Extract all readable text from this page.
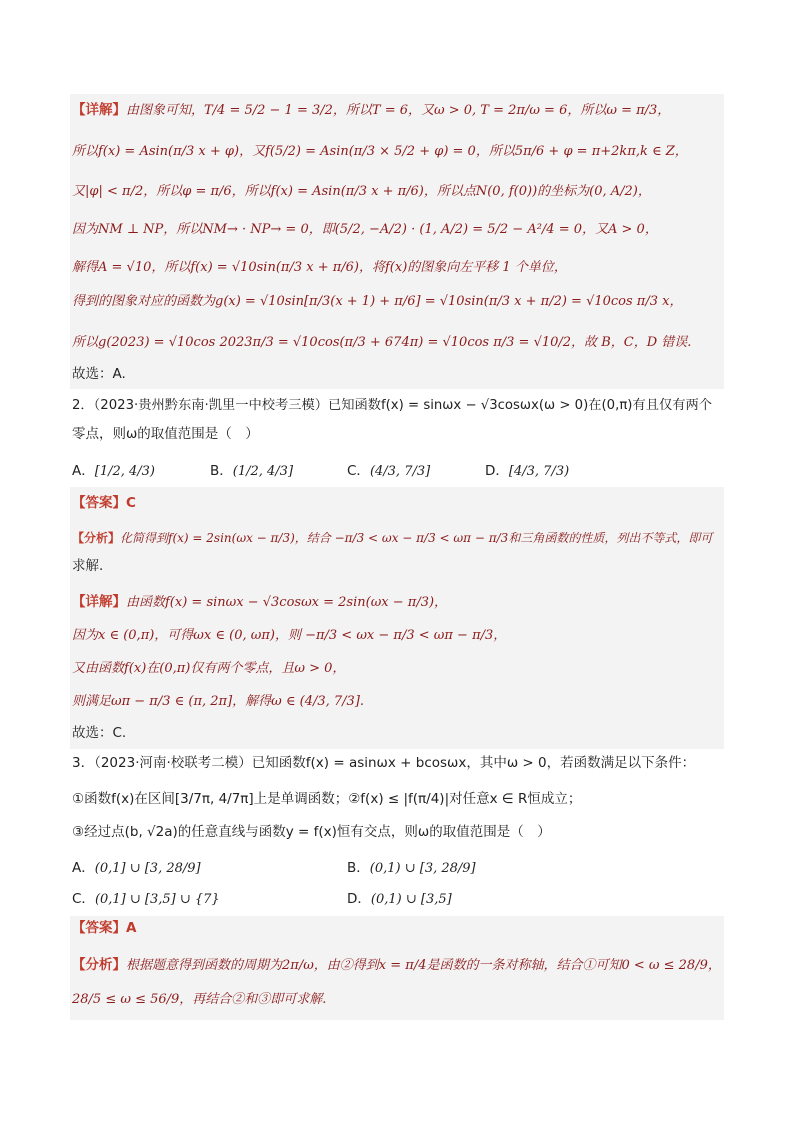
【详解】由图象可知，T/4 = 5/2 − 1 = 3/2，所以T = 6，又ω > 0, T = 2π/ω = 6，所以ω = π/3，
所以f(x) = Asin(π/3 x + φ)，又f(5/2) = Asin(π/3 × 5/2 + φ) = 0，所以5π/6 + φ = π+2kπ,k ∈ Z，
又|φ| < π/2，所以φ = π/6，所以f(x) = Asin(π/3 x + π/6)，所以点N(0, f(0))的坐标为(0, A/2)，
因为NM ⊥ NP，所以NM→ · NP→ = 0，即(5/2, −A/2) · (1, A/2) = 5/2 − A²/4 = 0，又A > 0，
解得A = √10，所以f(x) = √10sin(π/3 x + π/6)，将f(x)的图象向左平移 1 个单位，
得到的图象对应的函数为g(x) = √10sin[π/3(x + 1) + π/6] = √10sin(π/3 x + π/2) = √10cos π/3 x，
所以g(2023) = √10cos 2023π/3 = √10cos(π/3 + 674π) = √10cos π/3 = √10/2，故 B，C，D 错误.
故选：A.
2．（2023·贵州黔东南·凯里一中校考三模）已知函数f(x) = sinωx − √3cosωx(ω > 0)在(0,π)有且仅有两个
零点，则ω的取值范围是（　）
A．[1/2, 4/3)	B．(1/2, 4/3]	C．(4/3, 7/3]	D．[4/3, 7/3)
【答案】C
【分析】化简得到f(x) = 2sin(ωx − π/3)，结合 −π/3 < ωx − π/3 < ωπ − π/3和三角函数的性质，列出不等式，即可
求解.
【详解】由函数f(x) = sinωx − √3cosωx = 2sin(ωx − π/3)，
因为x ∈ (0,π)，可得ωx ∈ (0, ωπ)，则 −π/3 < ωx − π/3 < ωπ − π/3，
又由函数f(x)在(0,π)仅有两个零点，且ω > 0，
则满足ωπ − π/3 ∈ (π, 2π]，解得ω ∈ (4/3, 7/3].
故选：C.
3．（2023·河南·校联考二模）已知函数f(x) = asinωx + bcosωx，其中ω > 0，若函数满足以下条件：
①函数f(x)在区间[3/7π, 4/7π]上是单调函数；②f(x) ≤ |f(π/4)|对任意x ∈ R恒成立；
③经过点(b, √2a)的任意直线与函数y = f(x)恒有交点，则ω的取值范围是（　）
A．(0,1] ∪ [3, 28/9]	B．(0,1) ∪ [3, 28/9]
C．(0,1] ∪ [3,5] ∪ {7}	D．(0,1) ∪ [3,5]
【答案】A
【分析】根据题意得到函数的周期为2π/ω，由②得到x = π/4是函数的一条对称轴，结合①可知0 < ω ≤ 28/9，
28/5 ≤ ω ≤ 56/9，再结合②和③即可求解.
